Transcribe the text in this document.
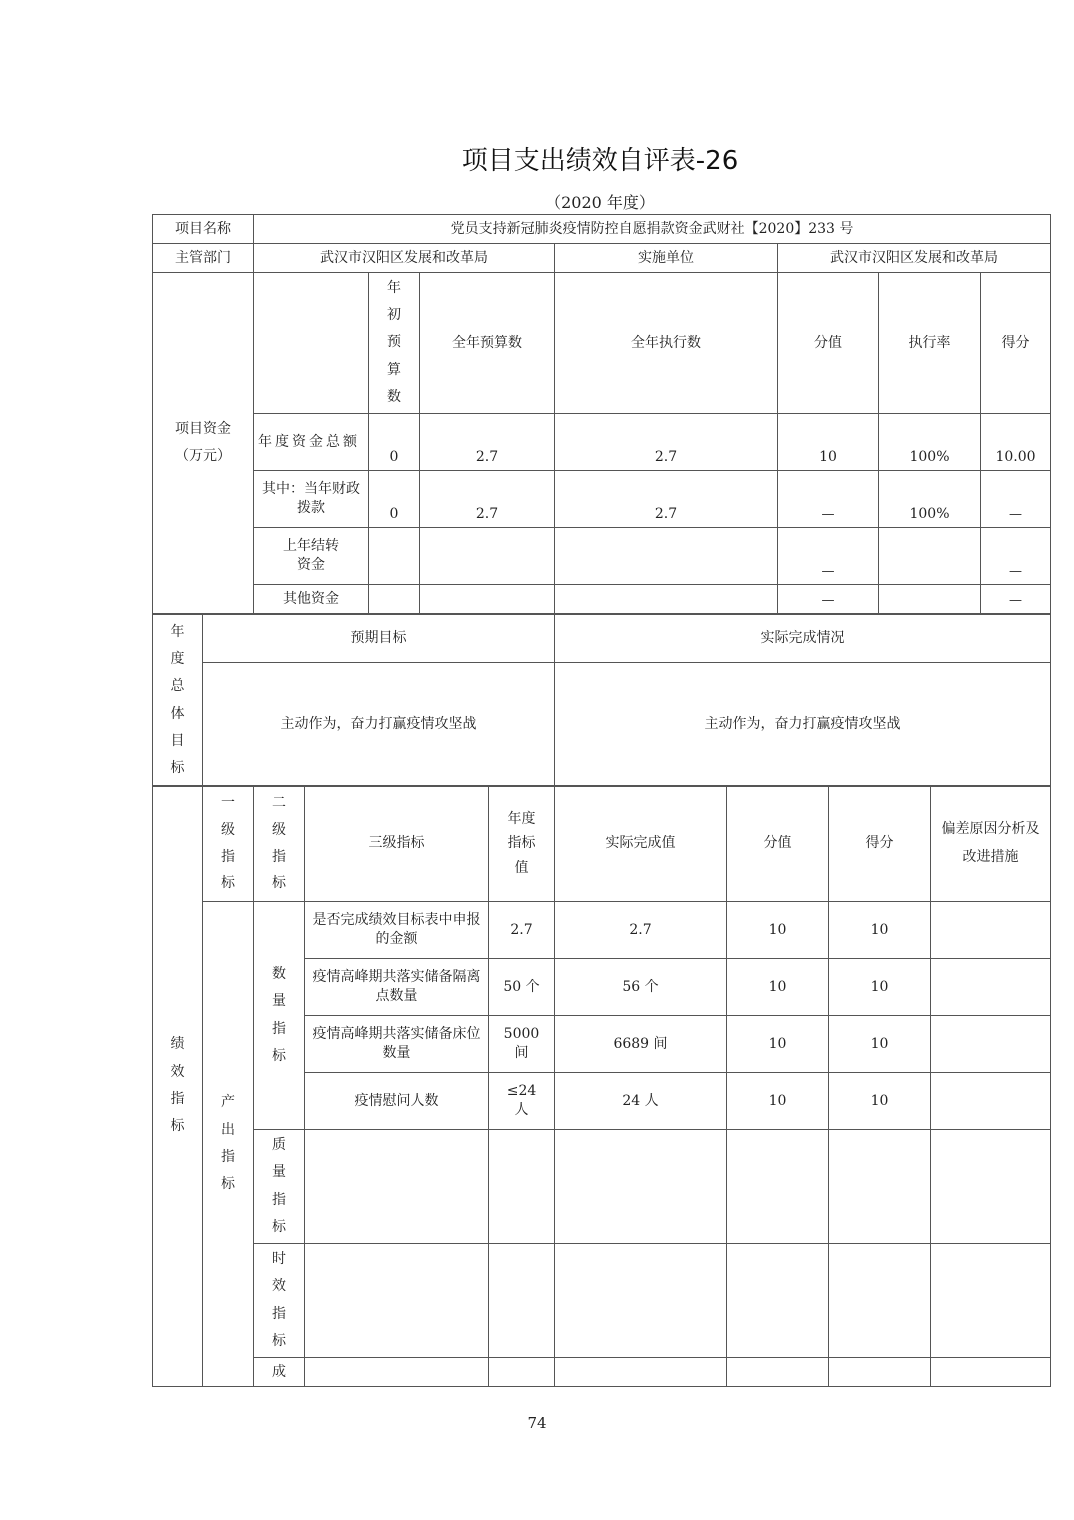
项目支出绩效自评表-26
（2020 年度）
项目名称	党员支持新冠肺炎疫情防控自愿捐款资金武财社【2020】233 号						
主管部门	武汉市汉阳区发展和改革局			实施单位	武汉市汉阳区发展和改革局		
项目资金（万元）		年初预算数	全年预算数	全年执行数	分值	执行率	得分
	年度资金总额	0	2.7	2.7	10	100%	10.00
	其中：当年财政拨款	0	2.7	2.7	—	100%	—
	上年结转资金				—		—
	其他资金				—		—
年度总体目标	预期目标	实际完成情况
	主动作为，奋力打赢疫情攻坚战	主动作为，奋力打赢疫情攻坚战
绩效指标	一级指标	二级指标	三级指标	年度指标值	实际完成值	分值	得分	偏差原因分析及改进措施
	产出指标	数量指标	是否完成绩效目标表中申报的金额	2.7	2.7	10	10	
			疫情高峰期共落实储备隔离点数量	50 个	56 个	10	10	
			疫情高峰期共落实储备床位数量	5000 间	6689 间	10	10	
			疫情慰问人数	≤24 人	24 人	10	10	
		质量指标						
		时效指标						
		成						
74
